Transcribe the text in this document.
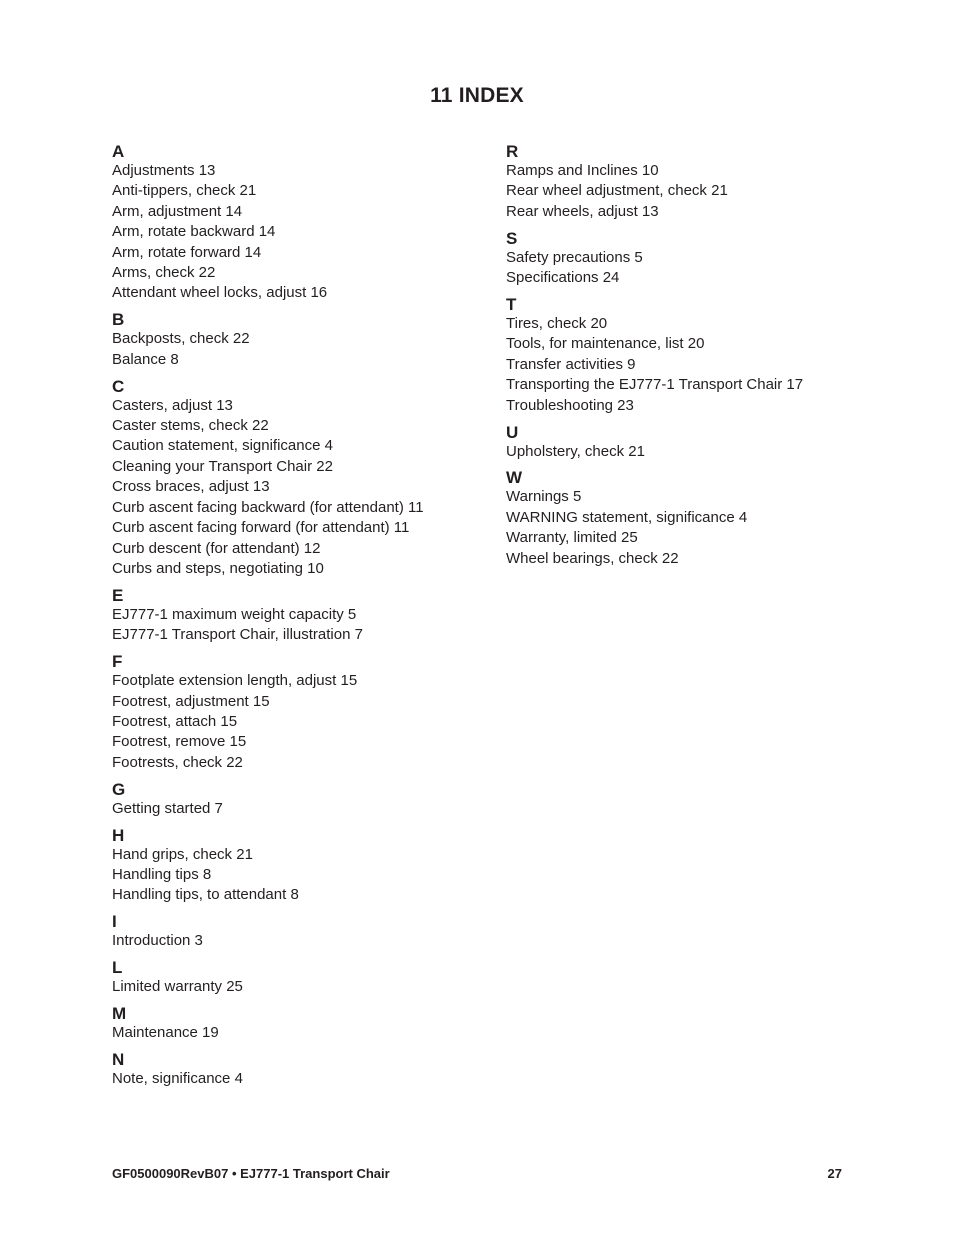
11 INDEX
A
Adjustments 13
Anti-tippers, check 21
Arm, adjustment 14
Arm, rotate backward 14
Arm, rotate forward 14
Arms, check 22
Attendant wheel locks, adjust 16
B
Backposts, check 22
Balance 8
C
Casters, adjust 13
Caster stems, check 22
Caution statement, significance 4
Cleaning your Transport Chair 22
Cross braces, adjust 13
Curb ascent facing backward (for attendant) 11
Curb ascent facing forward (for attendant) 11
Curb descent (for attendant) 12
Curbs and steps, negotiating 10
E
EJ777-1 maximum weight capacity 5
EJ777-1 Transport Chair, illustration 7
F
Footplate extension length, adjust 15
Footrest, adjustment 15
Footrest, attach 15
Footrest, remove 15
Footrests, check 22
G
Getting started 7
H
Hand grips, check 21
Handling tips 8
Handling tips, to attendant 8
I
Introduction 3
L
Limited warranty 25
M
Maintenance 19
N
Note, significance 4
R
Ramps and Inclines 10
Rear wheel adjustment, check 21
Rear wheels, adjust 13
S
Safety precautions 5
Specifications 24
T
Tires, check 20
Tools, for maintenance, list 20
Transfer activities 9
Transporting the EJ777-1 Transport Chair 17
Troubleshooting 23
U
Upholstery, check 21
W
Warnings 5
WARNING statement, significance 4
Warranty, limited 25
Wheel bearings, check 22
GF0500090RevB07 • EJ777-1 Transport Chair	27
